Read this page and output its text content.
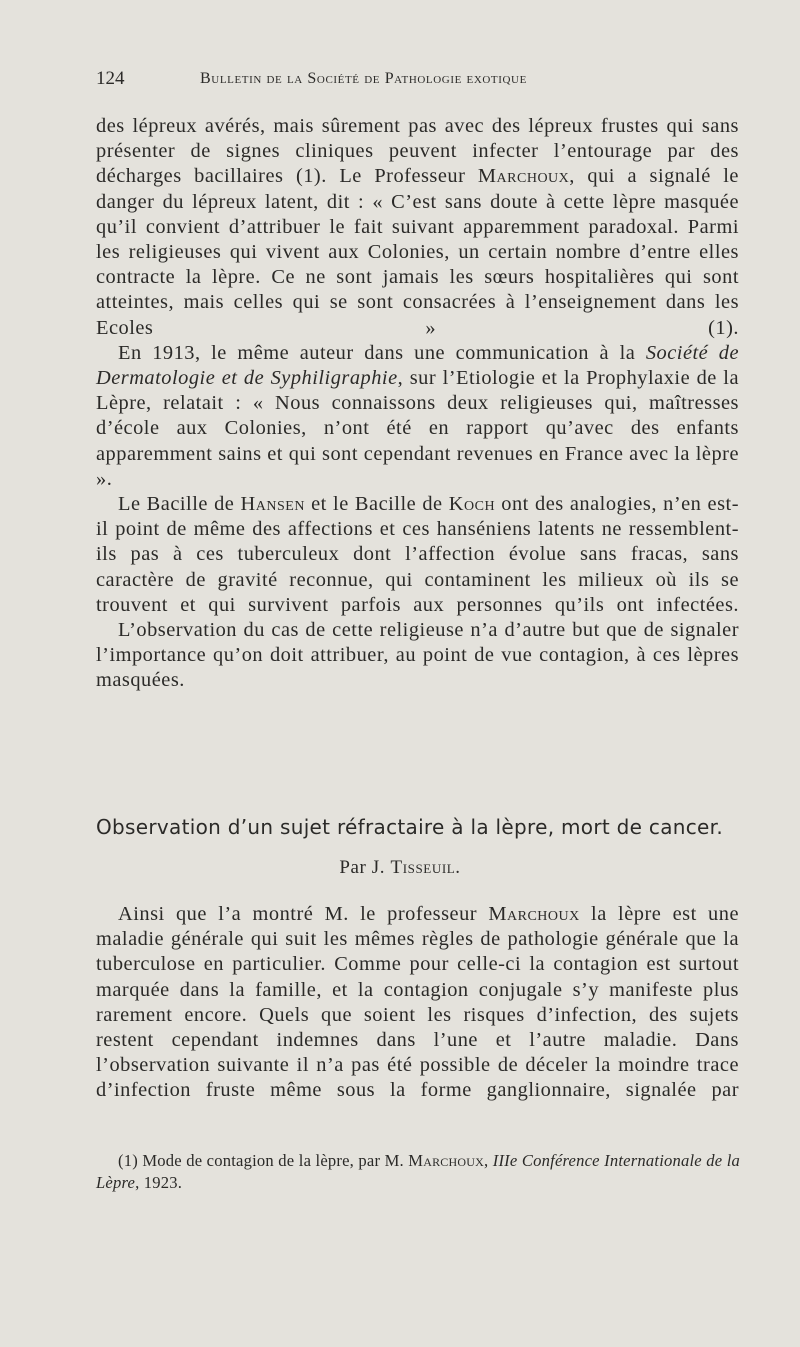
124	Bulletin de la Société de Pathologie exotique

des lépreux avérés, mais sûrement pas avec des lépreux frustes qui sans présenter de signes cliniques peuvent infecter l’entourage par des décharges bacillaires (1). Le Professeur Marchoux, qui a signalé le danger du lépreux latent, dit : « C’est sans doute à cette lèpre masquée qu’il convient d’attribuer le fait suivant apparemment paradoxal. Parmi les religieuses qui vivent aux Colonies, un certain nombre d’entre elles contracte la lèpre. Ce ne sont jamais les sœurs hospitalières qui sont atteintes, mais celles qui se sont consacrées à l’enseignement dans les Ecoles » (1).

En 1913, le même auteur dans une communication à la Société de Dermatologie et de Syphiligraphie, sur l’Etiologie et la Prophylaxie de la Lèpre, relatait : « Nous connaissons deux religieuses qui, maîtresses d’école aux Colonies, n’ont été en rapport qu’avec des enfants apparemment sains et qui sont cependant revenues en France avec la lèpre ».

Le Bacille de Hansen et le Bacille de Koch ont des analogies, n’en est-il point de même des affections et ces hanséniens latents ne ressemblent-ils pas à ces tuberculeux dont l’affection évolue sans fracas, sans caractère de gravité reconnue, qui contaminent les milieux où ils se trouvent et qui survivent parfois aux personnes qu’ils ont infectées.

L’observation du cas de cette religieuse n’a d’autre but que de signaler l’importance qu’on doit attribuer, au point de vue contagion, à ces lèpres masquées.

Observation d’un sujet réfractaire à la lèpre, mort de cancer.
Par J. Tisseuil.

Ainsi que l’a montré M. le professeur Marchoux la lèpre est une maladie générale qui suit les mêmes règles de pathologie générale que la tuberculose en particulier. Comme pour celle-ci la contagion est surtout marquée dans la famille, et la contagion conjugale s’y manifeste plus rarement encore. Quels que soient les risques d’infection, des sujets restent cependant indemnes dans l’une et l’autre maladie. Dans l’observation suivante il n’a pas été possible de déceler la moindre trace d’infection fruste même sous la forme ganglionnaire, signalée par

(1) Mode de contagion de la lèpre, par M. Marchoux, IIIe Conférence Internationale de la Lèpre, 1923.
